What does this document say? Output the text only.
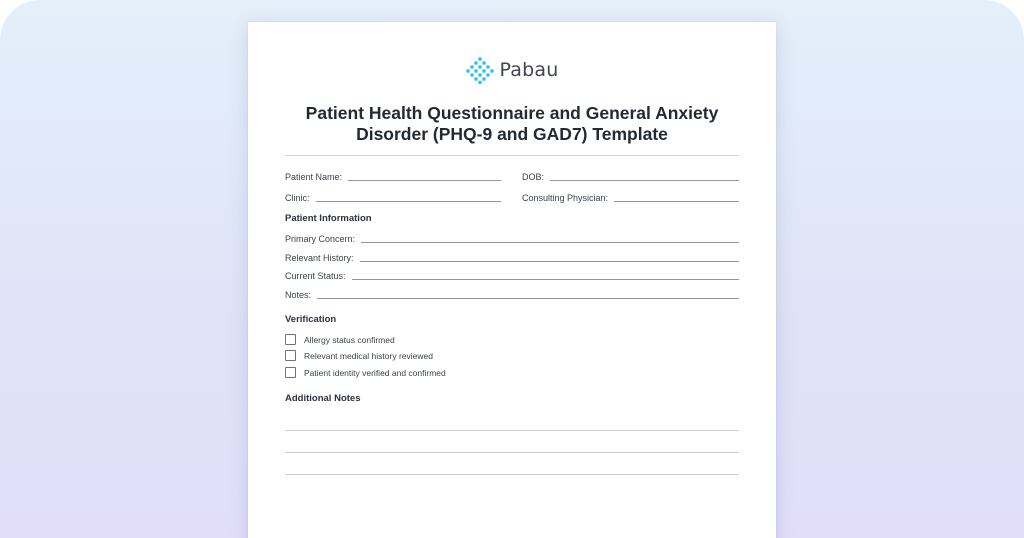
Pabau
Patient Health Questionnaire and General Anxiety
Disorder (PHQ-9 and GAD7) Template
Patient Name:	DOB:
Clinic:	Consulting Physician:
Patient Information
Primary Concern:
Relevant History:
Current Status:
Notes:
Verification
Allergy status confirmed
Relevant medical history reviewed
Patient identity verified and confirmed
Additional Notes
